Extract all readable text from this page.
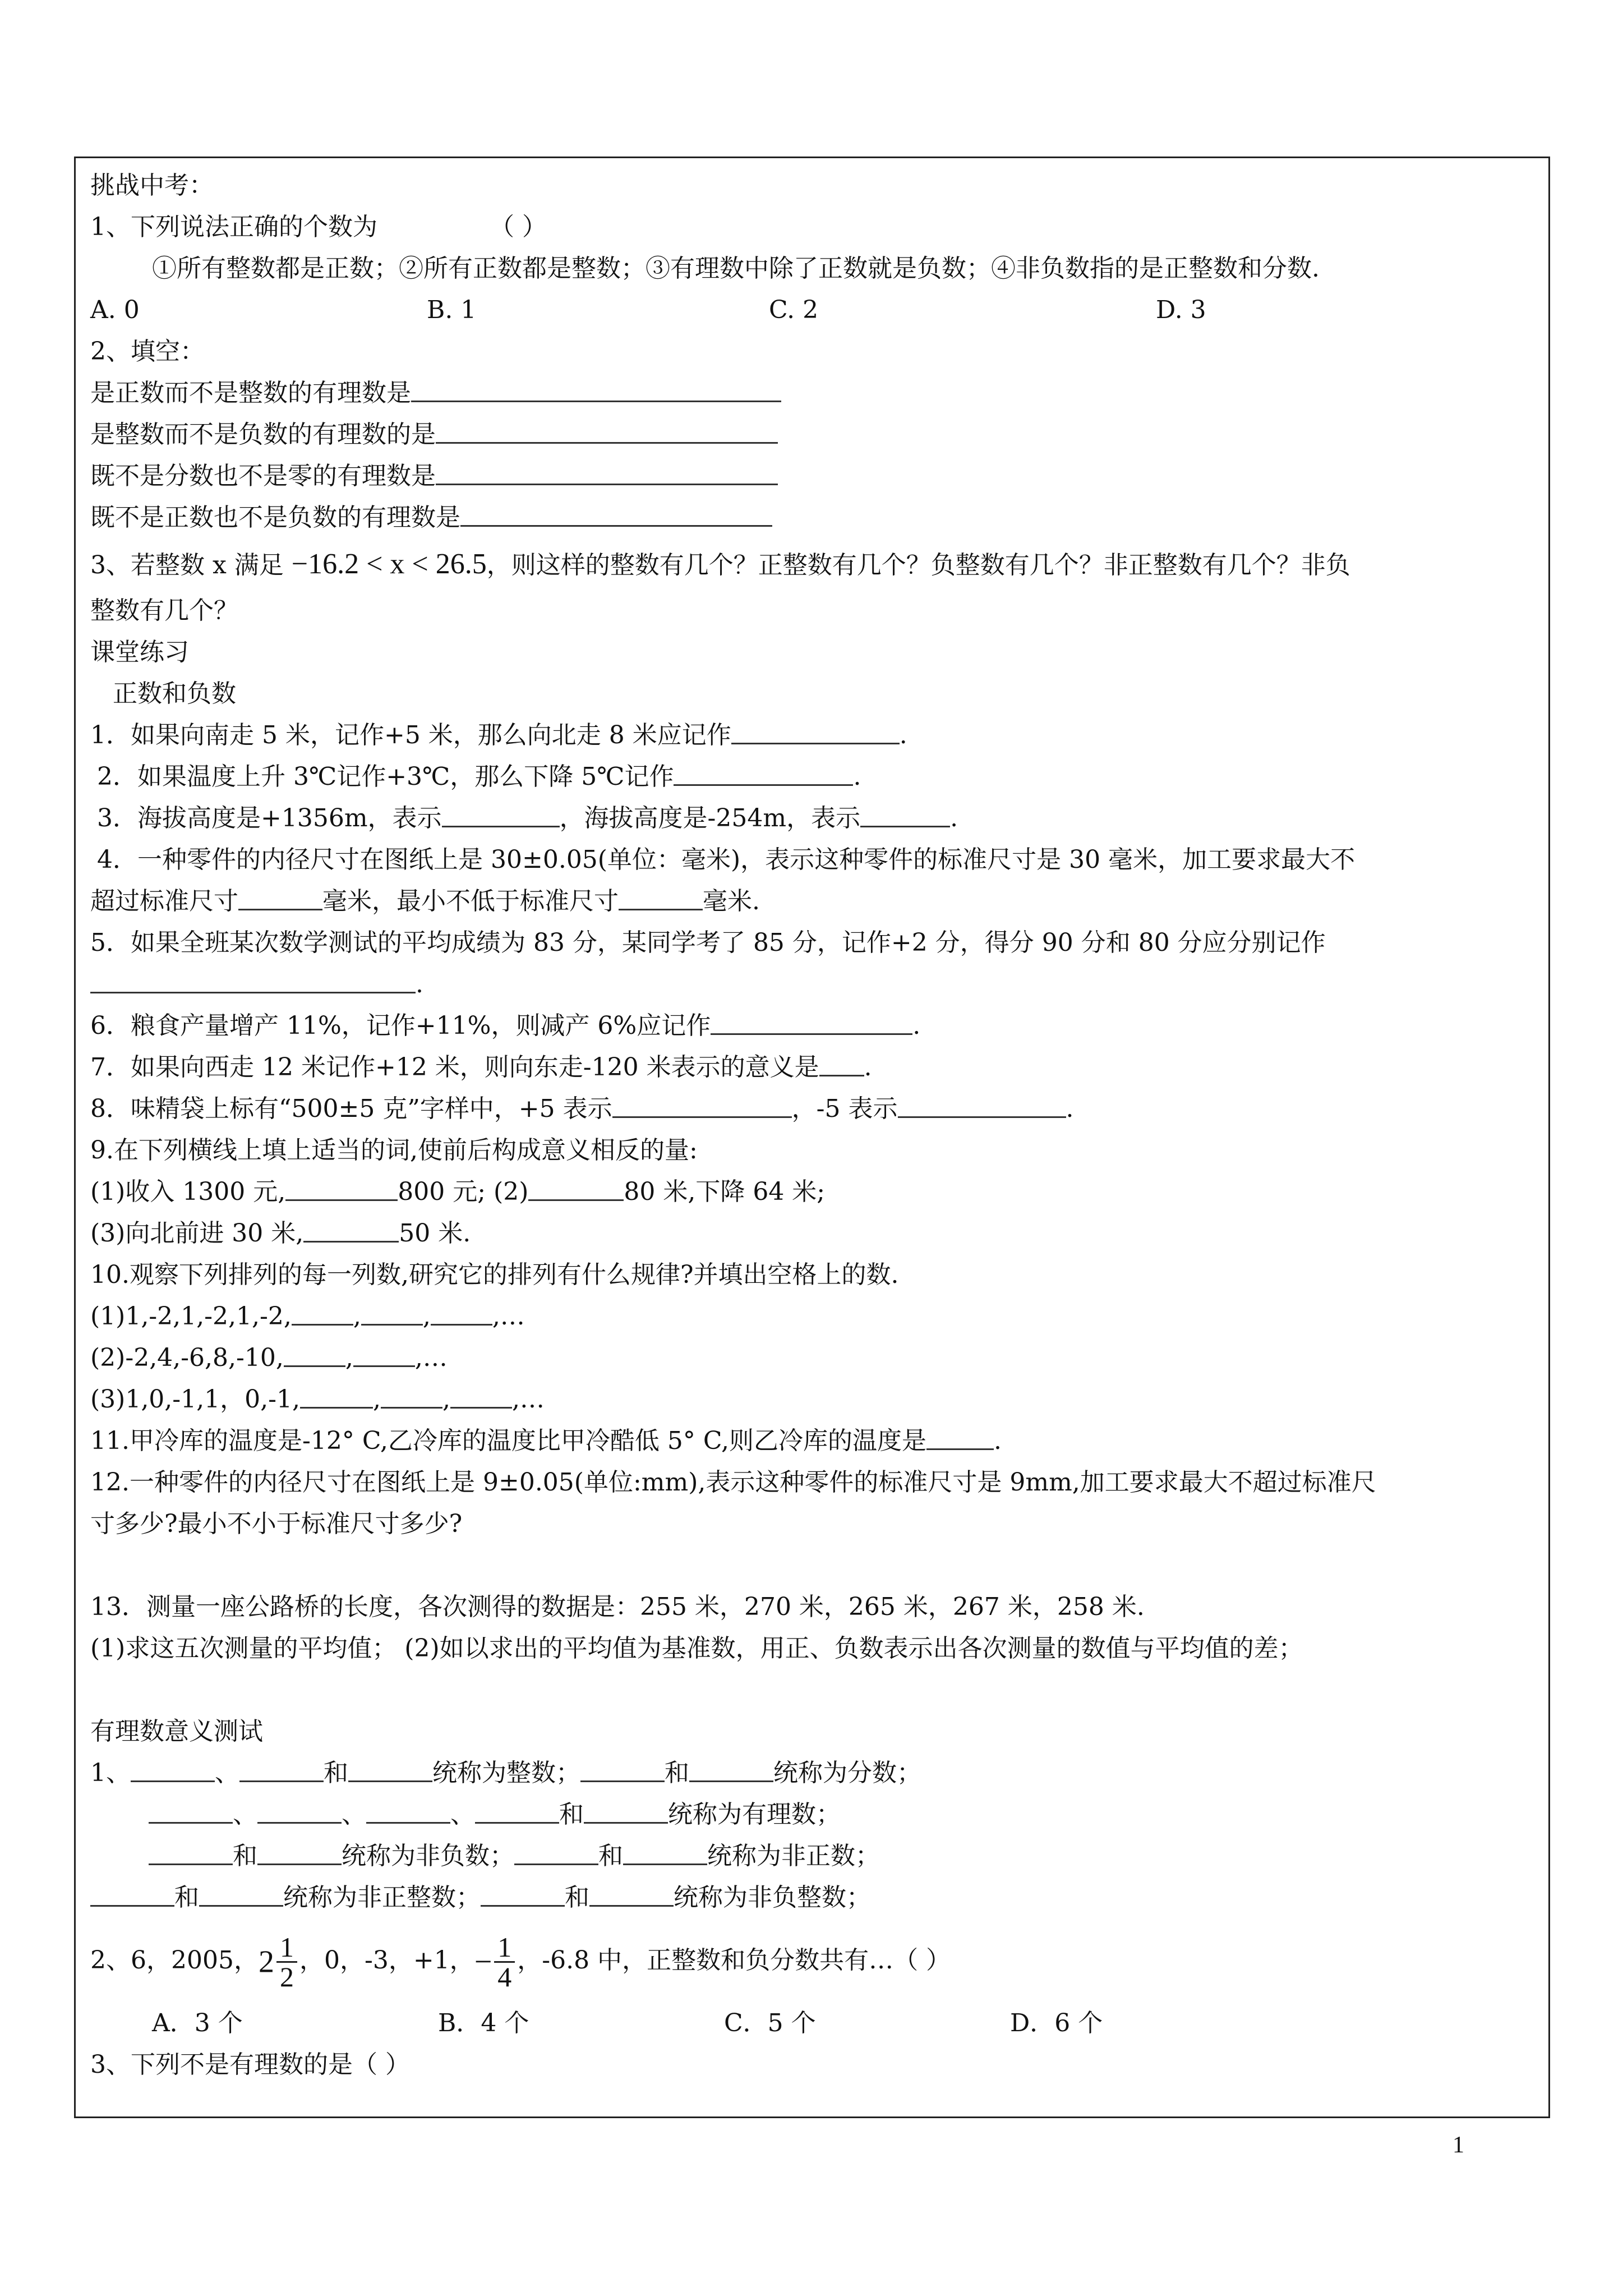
挑战中考：
1、下列说法正确的个数为	（ ）
①所有整数都是正数；②所有正数都是整数；③有理数中除了正数就是负数；④非负数指的是正整数和分数.
A. 0	B. 1	C. 2	D. 3
2、填空：
是正数而不是整数的有理数是
是整数而不是负数的有理数的是
既不是分数也不是零的有理数是
既不是正数也不是负数的有理数是
3、若整数 x 满足 −16.2 < x < 26.5，则这样的整数有几个？正整数有几个？负整数有几个？非正整数有几个？非负
整数有几个？
课堂练习
正数和负数
1．如果向南走 5 米，记作+5 米，那么向北走 8 米应记作	.
2．如果温度上升 3℃记作+3℃，那么下降 5℃记作	.
3．海拔高度是+1356m，表示	，海拔高度是-254m，表示	.
4．一种零件的内径尺寸在图纸上是 30±0.05(单位：毫米)，表示这种零件的标准尺寸是 30 毫米，加工要求最大不
超过标准尺寸	毫米，最小不低于标准尺寸	毫米.
5．如果全班某次数学测试的平均成绩为 83 分，某同学考了 85 分，记作+2 分，得分 90 分和 80 分应分别记作
.
6．粮食产量增产 11%，记作+11%，则减产 6%应记作	.
7．如果向西走 12 米记作+12 米，则向东走-120 米表示的意义是 .
8．味精袋上标有“500±5 克”字样中，+5 表示	，-5 表示	.
9.在下列横线上填上适当的词,使前后构成意义相反的量:
(1)收入 1300 元,	800 元; (2)	80 米,下降 64 米;
(3)向北前进 30 米,	50 米.
10.观察下列排列的每一列数,研究它的排列有什么规律?并填出空格上的数.
(1)1,-2,1,-2,1,-2,	,	,	,…
(2)-2,4,-6,8,-10,	,	,…
(3)1,0,-1,1，0,-1,	,	,	,…
11.甲冷库的温度是-12° C,乙冷库的温度比甲冷酷低 5° C,则乙冷库的温度是	.
12.一种零件的内径尺寸在图纸上是 9±0.05(单位:mm),表示这种零件的标准尺寸是 9mm,加工要求最大不超过标准尺
寸多少?最小不小于标准尺寸多少?
13．测量一座公路桥的长度，各次测得的数据是：255 米，270 米，265 米，267 米，258 米.
(1)求这五次测量的平均值； (2)如以求出的平均值为基准数，用正、负数表示出各次测量的数值与平均值的差；
有理数意义测试
1、	、	和	统称为整数；	和	统称为分数；
、	、	、	和	统称为有理数；
和	统称为非负数；	和	统称为非正数；
和	统称为非正整数；	和	统称为非负整数；
2、6，2005，$2 \frac{1}{2}$ ，0，-3，+1，− $\frac{1}{4}$ ，-6.8 中，正整数和负分数共有…（ ）
A．3 个	B．4 个	C．5 个	D．6 个
3、下列不是有理数的是（ ）
1
